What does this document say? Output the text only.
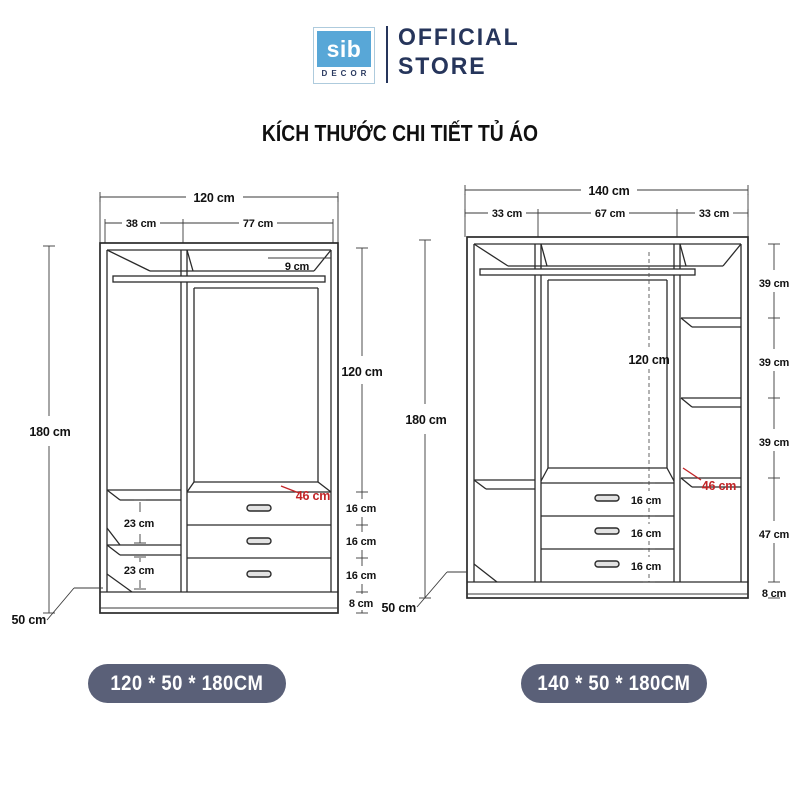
sib
DECOR
OFFICIAL
STORE
KÍCH THƯỚC CHI TIẾT TỦ ÁO
120 cm
38 cm	77 cm
9 cm
23 cm
23 cm
46 cm
120 cm
16 cm
16 cm
16 cm
8 cm
180 cm
50 cm
140 cm
33 cm	67 cm	33 cm
120 cm
16 cm
16 cm
16 cm
46 cm
39 cm
39 cm
39 cm
47 cm
8 cm
180 cm
50 cm
120 * 50 * 180CM	140 * 50 * 180CM
